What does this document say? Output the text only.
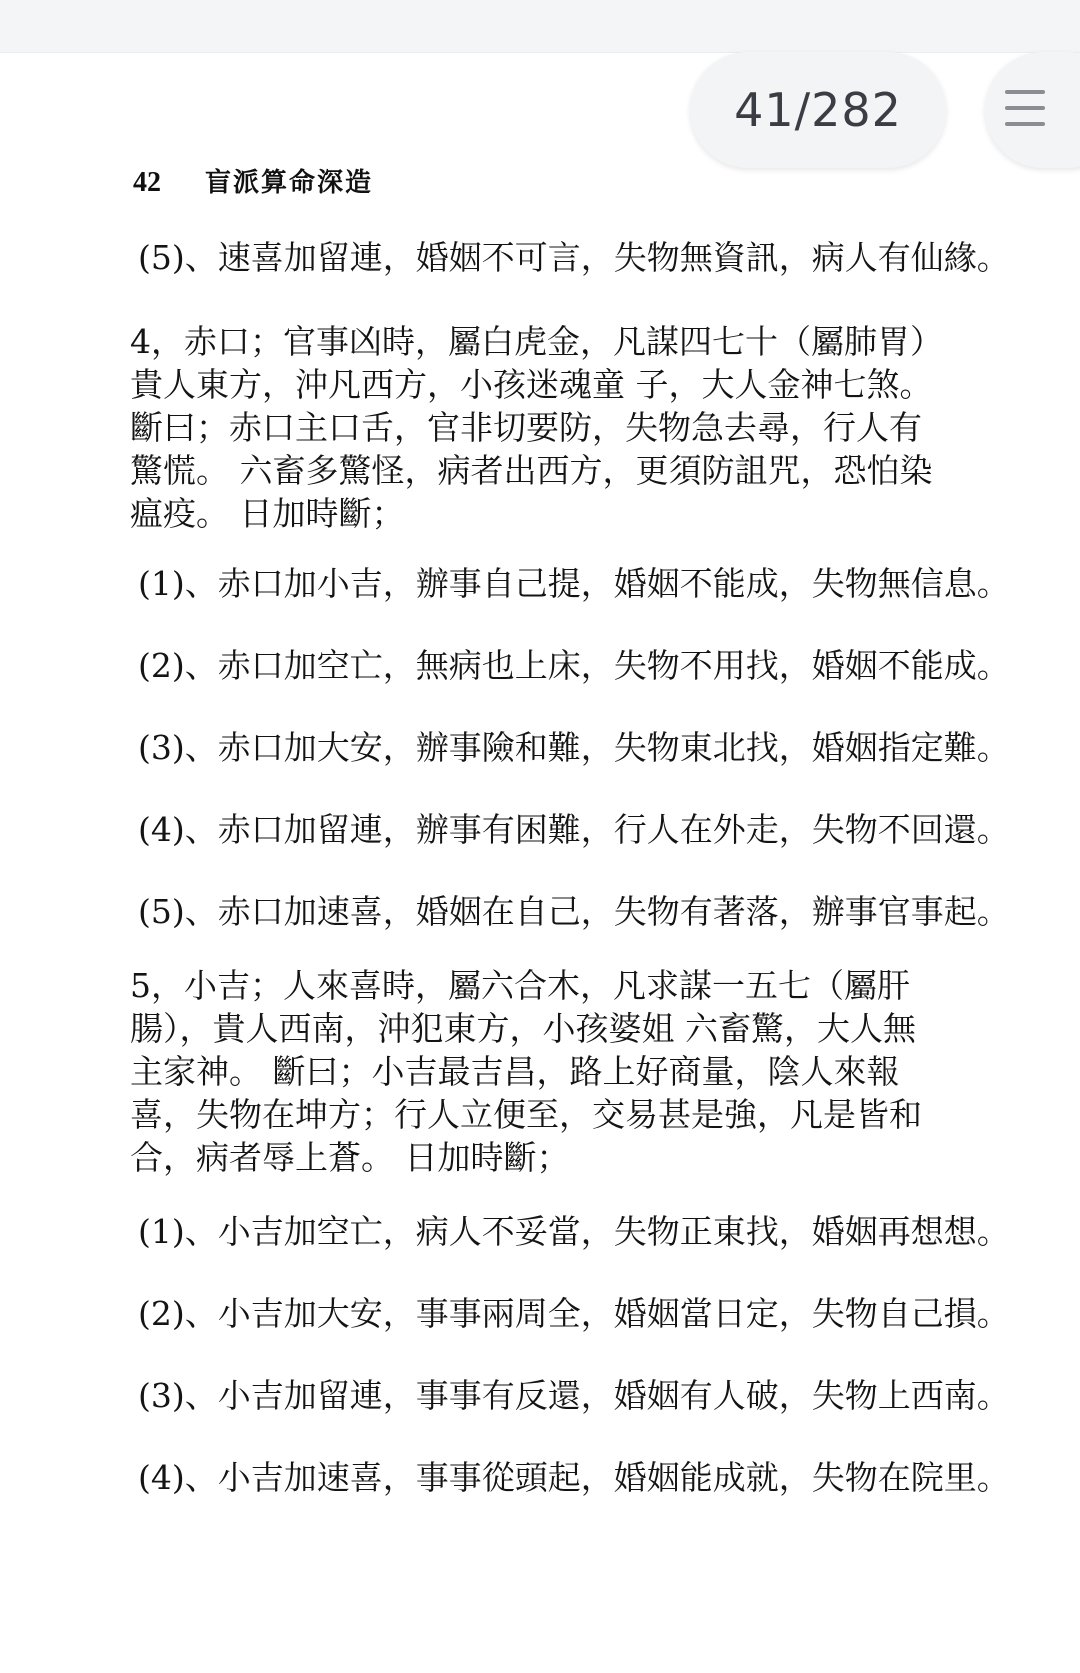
42 盲派算命深造
(5)、速喜加留連，婚姻不可言，失物無資訊，病人有仙緣。
4，赤口；官事凶時，屬白虎金，凡謀四七十（屬肺胃）貴人東方，沖凡西方，小孩迷魂童 子，大人金神七煞。 斷曰；赤口主口舌，官非切要防，失物急去尋，行人有驚慌。 六畜多驚怪，病者出西方，更須防詛咒，恐怕染瘟疫。 日加時斷；
(1)、赤口加小吉，辦事自己提，婚姻不能成，失物無信息。
(2)、赤口加空亡，無病也上床，失物不用找，婚姻不能成。
(3)、赤口加大安，辦事險和難，失物東北找，婚姻指定難。
(4)、赤口加留連，辦事有困難，行人在外走，失物不回還。
(5)、赤口加速喜，婚姻在自己，失物有著落，辦事官事起。
5，小吉；人來喜時，屬六合木，凡求謀一五七（屬肝腸），貴人西南，沖犯東方，小孩婆姐 六畜驚，大人無主家神。 斷曰；小吉最吉昌，路上好商量，陰人來報喜，失物在坤方；行人立便至，交易甚是強，凡是皆和合，病者辱上蒼。 日加時斷；
(1)、小吉加空亡，病人不妥當，失物正東找，婚姻再想想。
(2)、小吉加大安，事事兩周全，婚姻當日定，失物自己損。
(3)、小吉加留連，事事有反還，婚姻有人破，失物上西南。
(4)、小吉加速喜，事事從頭起，婚姻能成就，失物在院里。
41/282
